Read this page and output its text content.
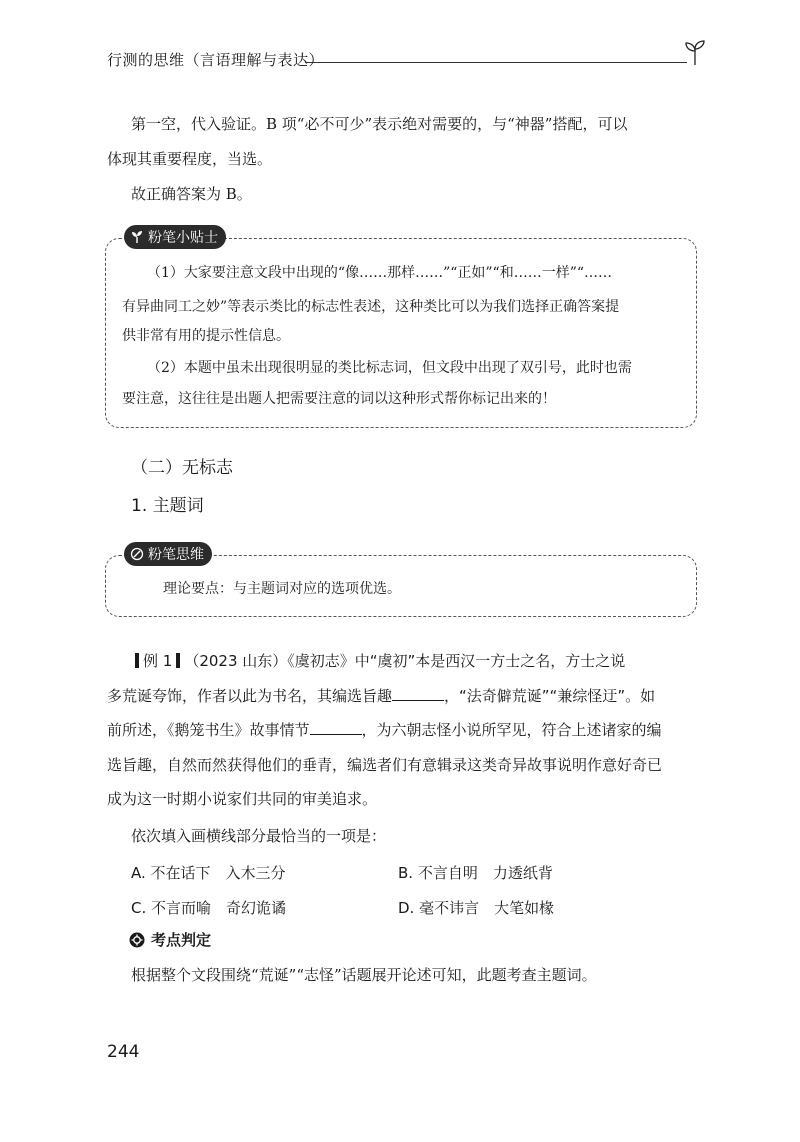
行测的思维（言语理解与表达）
第一空，代入验证。B 项“必不可少”表示绝对需要的，与“神器”搭配，可以
体现其重要程度，当选。
故正确答案为 B。
粉笔小贴士
（1）大家要注意文段中出现的“像……那样……”“正如”“和……一样”“……
有异曲同工之妙”等表示类比的标志性表述，这种类比可以为我们选择正确答案提
供非常有用的提示性信息。
（2）本题中虽未出现很明显的类比标志词，但文段中出现了双引号，此时也需
要注意，这往往是出题人把需要注意的词以这种形式帮你标记出来的！
（二）无标志
1. 主题词
粉笔思维
理论要点：与主题词对应的选项优选。
例 1 （2023 山东）《虞初志》中“虞初”本是西汉一方士之名，方士之说
多荒诞夸饰，作者以此为书名，其编选旨趣	，“法奇僻荒诞”“兼综怪迂”。如
前所述，《鹅笼书生》故事情节	，为六朝志怪小说所罕见，符合上述诸家的编
选旨趣，自然而然获得他们的垂青，编选者们有意辑录这类奇异故事说明作意好奇已
成为这一时期小说家们共同的审美追求。
依次填入画横线部分最恰当的一项是：
A. 不在话下　入木三分	B. 不言自明　力透纸背
C. 不言而喻　奇幻诡谲	D. 毫不讳言　大笔如椽
考点判定
根据整个文段围绕“荒诞”“志怪”话题展开论述可知，此题考查主题词。
244
